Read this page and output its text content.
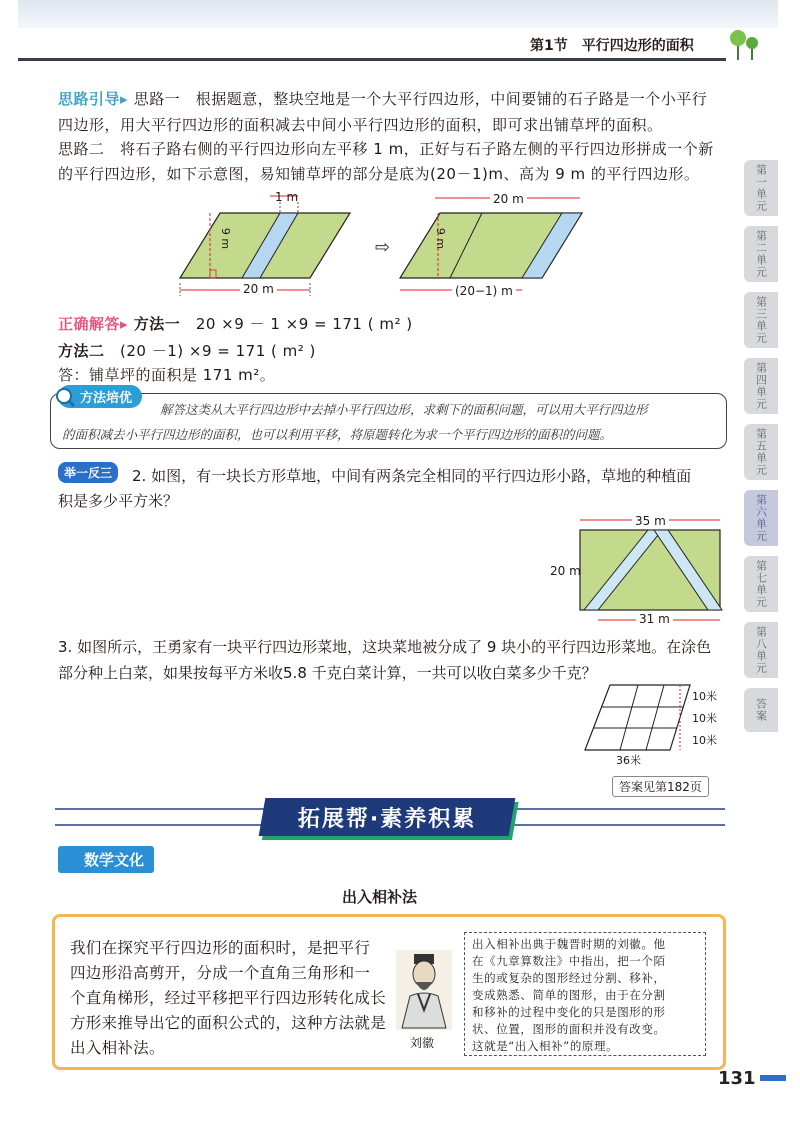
第1节　平行四边形的面积
第一单元
第二单元
第三单元
第四单元
第五单元
第六单元
第七单元
第八单元
答案
思路引导▸ 思路一　根据题意，整块空地是一个大平行四边形，中间要铺的石子路是一个小平行
四边形，用大平行四边形的面积减去中间小平行四边形的面积，即可求出铺草坪的面积。
思路二　将石子路右侧的平行四边形向左平移 1 m，正好与石子路左侧的平行四边形拼成一个新
的平行四边形，如下示意图，易知铺草坪的部分是底为(20－1)m、高为 9 m 的平行四边形。
⇨
1 m
9 m
20 m
20 m
9 m
(20−1) m
正确解答▸ 方法一　 20 ×9 － 1 ×9 = 171 ( m² )
方法二　 (20 －1) ×9 = 171 ( m² )
答：铺草坪的面积是 171 m²。
方法培优
解答这类从大平行四边形中去掉小平行四边形，求剩下的面积问题，可以用大平行四边形
的面积减去小平行四边形的面积，也可以利用平移，将原题转化为求一个平行四边形的面积的问题。
举一反三	2. 如图，有一块长方形草地，中间有两条完全相同的平行四边形小路，草地的种植面
积是多少平方米？
35 m
20 m
31 m
3. 如图所示，王勇家有一块平行四边形菜地，这块菜地被分成了 9 块小的平行四边形菜地。在涂色
部分种上白菜，如果按每平方米收5.8 千克白菜计算，一共可以收白菜多少千克？
10米
10米
10米
36米
答案见第182页
拓展帮·素养积累
数学文化
出入相补法
我们在探究平行四边形的面积时，是把平行
四边形沿高剪开，分成一个直角三角形和一
个直角梯形，经过平移把平行四边形转化成长
方形来推导出它的面积公式的，这种方法就是
出入相补法。	刘徽
出入相补出典于魏晋时期的刘徽。他
在《九章算数注》中指出，把一个陌
生的或复杂的图形经过分割、移补，
变成熟悉、简单的图形，由于在分割
和移补的过程中变化的只是图形的形
状、位置，图形的面积并没有改变。
这就是“出入相补”的原理。
131
